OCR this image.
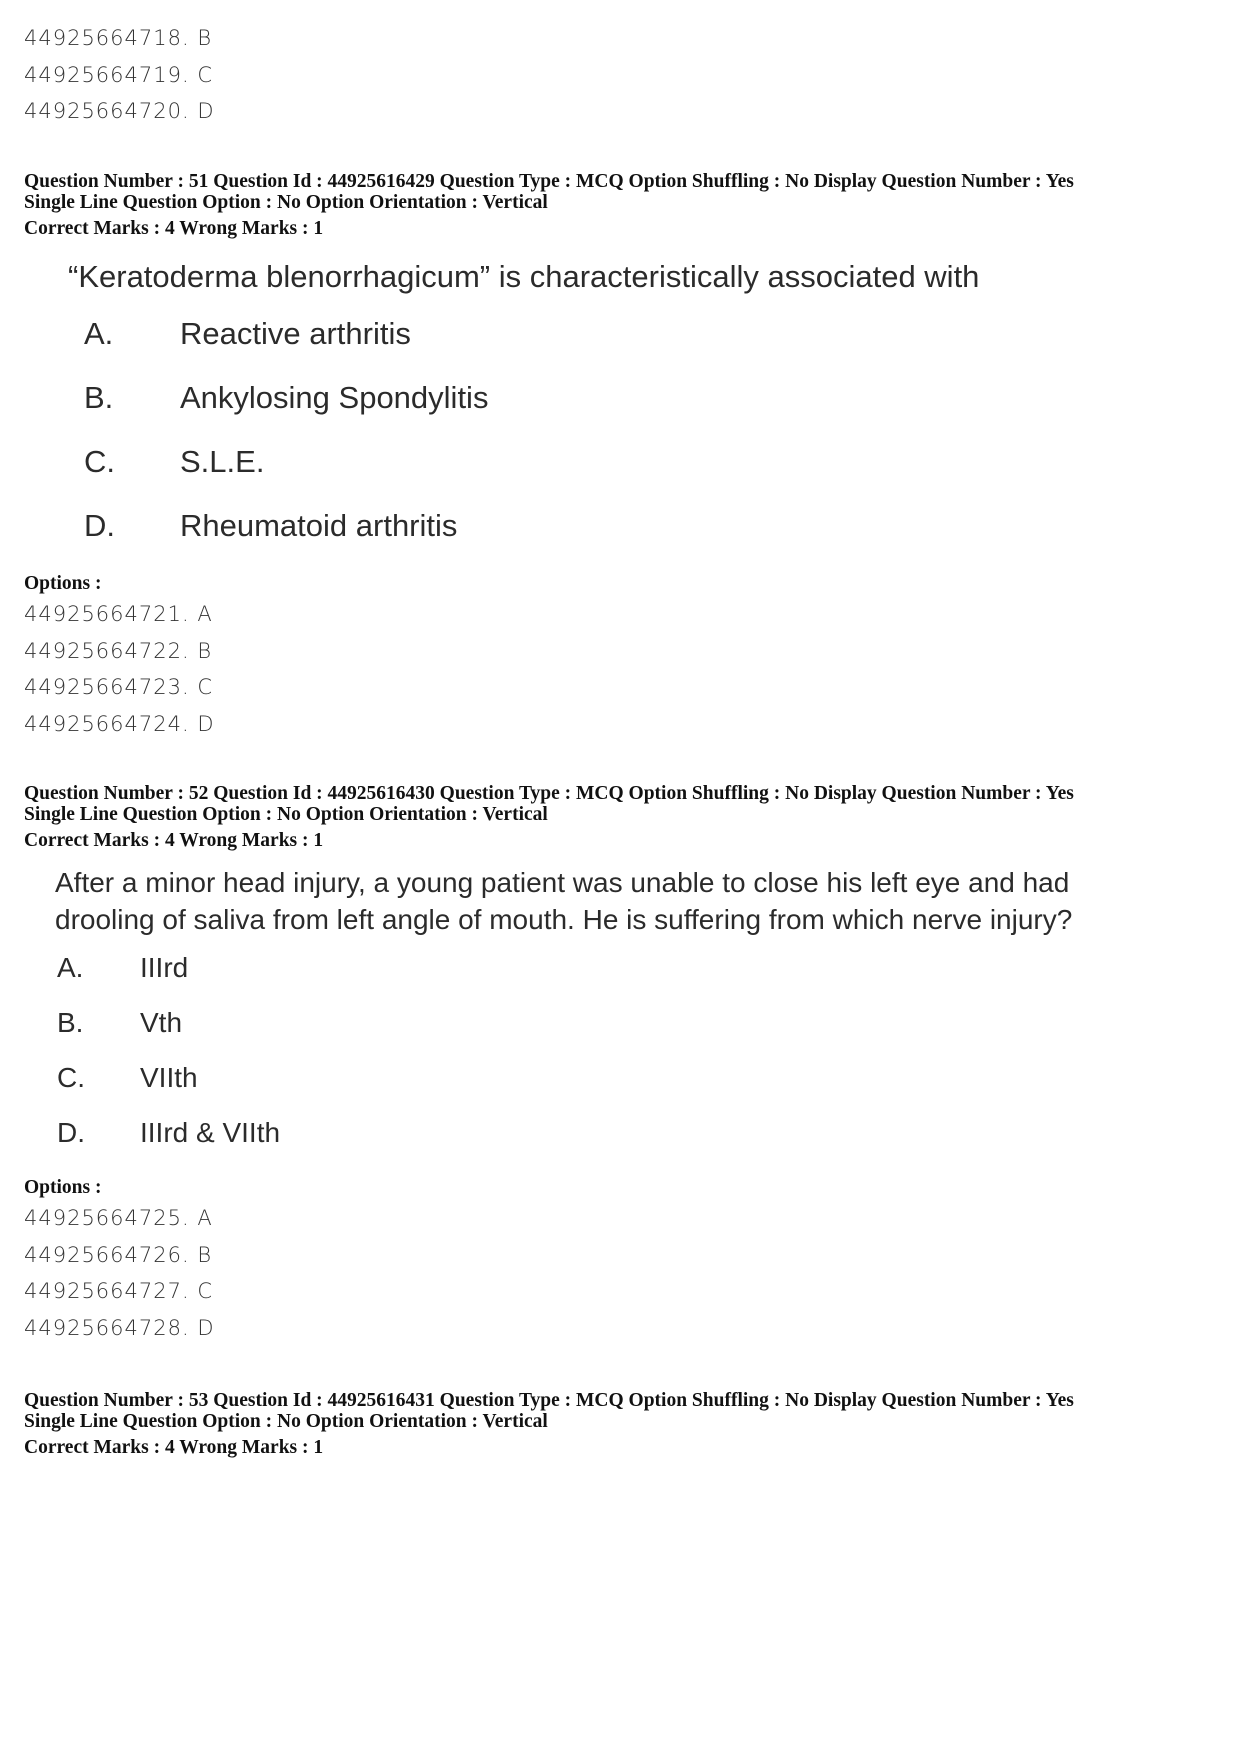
44925664718. B
44925664719. C
44925664720. D
Question Number : 51 Question Id : 44925616429 Question Type : MCQ Option Shuffling : No Display Question Number : Yes
Single Line Question Option : No Option Orientation : Vertical
Correct Marks : 4 Wrong Marks : 1
“Keratoderma blenorrhagicum” is characteristically associated with
A.	Reactive arthritis
B.	Ankylosing Spondylitis
C.	S.L.E.
D.	Rheumatoid arthritis
Options :
44925664721. A
44925664722. B
44925664723. C
44925664724. D
Question Number : 52 Question Id : 44925616430 Question Type : MCQ Option Shuffling : No Display Question Number : Yes
Single Line Question Option : No Option Orientation : Vertical
Correct Marks : 4 Wrong Marks : 1
After a minor head injury, a young patient was unable to close his left eye and had
drooling of saliva from left angle of mouth. He is suffering from which nerve injury?
A.	IIIrd
B.	Vth
C.	VIIth
D.	IIIrd & VIIth
Options :
44925664725. A
44925664726. B
44925664727. C
44925664728. D
Question Number : 53 Question Id : 44925616431 Question Type : MCQ Option Shuffling : No Display Question Number : Yes
Single Line Question Option : No Option Orientation : Vertical
Correct Marks : 4 Wrong Marks : 1
